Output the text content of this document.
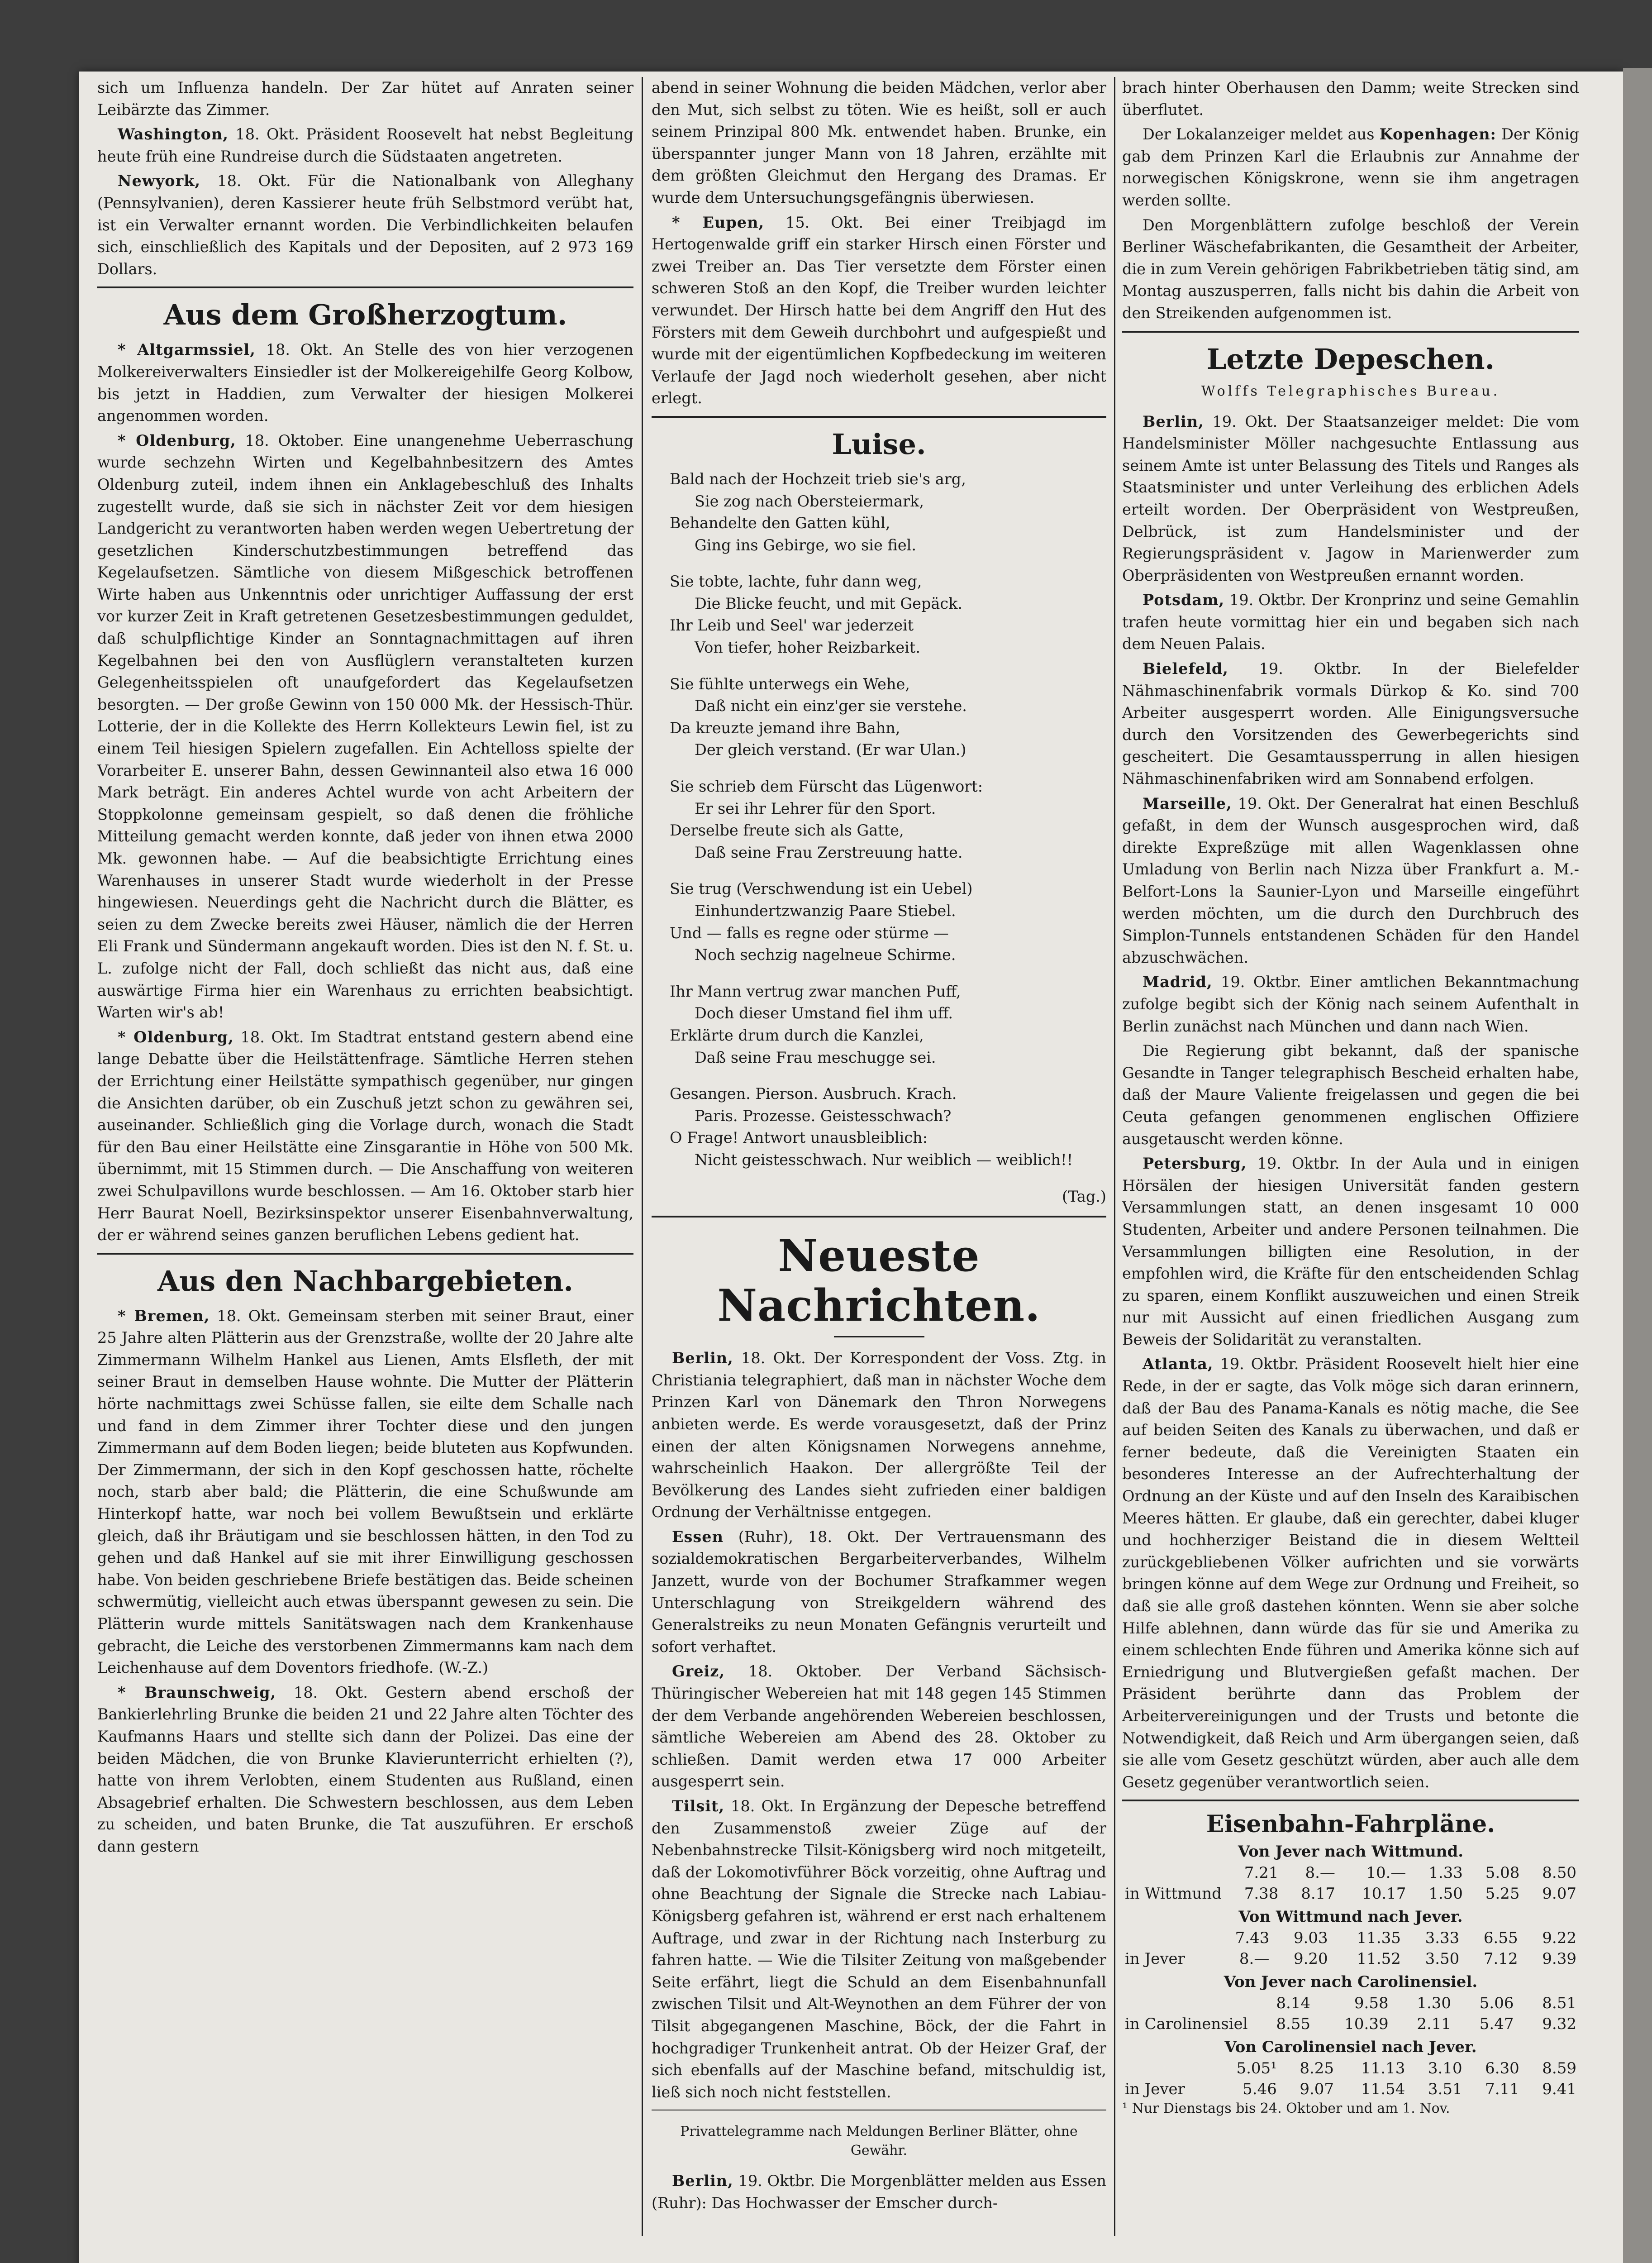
sich um Influenza handeln. Der Zar hütet auf Anraten seiner Leibärzte das Zimmer.

Washington, 18. Okt. Präsident Roosevelt hat nebst Begleitung heute früh eine Rundreise durch die Südstaaten angetreten.

Newyork, 18. Okt. Für die Nationalbank von Alleghany (Pennsylvanien), deren Kassierer heute früh Selbstmord verübt hat, ist ein Verwalter ernannt worden. Die Verbindlichkeiten belaufen sich, einschließlich des Kapitals und der Depositen, auf 2 973 169 Dollars.

Aus dem Großherzogtum.

* Altgarmssiel, 18. Okt. An Stelle des von hier verzogenen Molkereiverwalters Einsiedler ist der Molkereigehilfe Georg Kolbow, bis jetzt in Haddien, zum Verwalter der hiesigen Molkerei angenommen worden.

* Oldenburg, 18. Oktober. Eine unangenehme Ueberraschung wurde sechzehn Wirten und Kegelbahnbesitzern des Amtes Oldenburg zuteil, indem ihnen ein Anklagebeschluß des Inhalts zugestellt wurde, daß sie sich in nächster Zeit vor dem hiesigen Landgericht zu verantworten haben werden wegen Uebertretung der gesetzlichen Kinderschutzbestimmungen betreffend das Kegelaufsetzen. Sämtliche von diesem Mißgeschick betroffenen Wirte haben aus Unkenntnis oder unrichtiger Auffassung der erst vor kurzer Zeit in Kraft getretenen Gesetzesbestimmungen geduldet, daß schulpflichtige Kinder an Sonntagnachmittagen auf ihren Kegelbahnen bei den von Ausflüglern veranstalteten kurzen Gelegenheitsspielen oft unaufgefordert das Kegelaufsetzen besorgten. — Der große Gewinn von 150 000 Mk. der Hessisch-Thür. Lotterie, der in die Kollekte des Herrn Kollekteurs Lewin fiel, ist zu einem Teil hiesigen Spielern zugefallen. Ein Achtelloss spielte der Vorarbeiter E. unserer Bahn, dessen Gewinnanteil also etwa 16 000 Mark beträgt. Ein anderes Achtel wurde von acht Arbeitern der Stoppkolonne gemeinsam gespielt, so daß denen die fröhliche Mitteilung gemacht werden konnte, daß jeder von ihnen etwa 2000 Mk. gewonnen habe. — Auf die beabsichtigte Errichtung eines Warenhauses in unserer Stadt wurde wiederholt in der Presse hingewiesen. Neuerdings geht die Nachricht durch die Blätter, es seien zu dem Zwecke bereits zwei Häuser, nämlich die der Herren Eli Frank und Sündermann angekauft worden. Dies ist den N. f. St. u. L. zufolge nicht der Fall, doch schließt das nicht aus, daß eine auswärtige Firma hier ein Warenhaus zu errichten beabsichtigt. Warten wir's ab!

* Oldenburg, 18. Okt. Im Stadtrat entstand gestern abend eine lange Debatte über die Heilstättenfrage. Sämtliche Herren stehen der Errichtung einer Heilstätte sympathisch gegenüber, nur gingen die Ansichten darüber, ob ein Zuschuß jetzt schon zu gewähren sei, auseinander. Schließlich ging die Vorlage durch, wonach die Stadt für den Bau einer Heilstätte eine Zinsgarantie in Höhe von 500 Mk. übernimmt, mit 15 Stimmen durch. — Die Anschaffung von weiteren zwei Schulpavillons wurde beschlossen. — Am 16. Oktober starb hier Herr Baurat Noell, Bezirksinspektor unserer Eisenbahnverwaltung, der er während seines ganzen beruflichen Lebens gedient hat.

Aus den Nachbargebieten.

* Bremen, 18. Okt. Gemeinsam sterben mit seiner Braut, einer 25 Jahre alten Plätterin aus der Grenzstraße, wollte der 20 Jahre alte Zimmermann Wilhelm Hankel aus Lienen, Amts Elsfleth, der mit seiner Braut in demselben Hause wohnte. Die Mutter der Plätterin hörte nachmittags zwei Schüsse fallen, sie eilte dem Schalle nach und fand in dem Zimmer ihrer Tochter diese und den jungen Zimmermann auf dem Boden liegen; beide bluteten aus Kopfwunden. Der Zimmermann, der sich in den Kopf geschossen hatte, röchelte noch, starb aber bald; die Plätterin, die eine Schußwunde am Hinterkopf hatte, war noch bei vollem Bewußtsein und erklärte gleich, daß ihr Bräutigam und sie beschlossen hätten, in den Tod zu gehen und daß Hankel auf sie mit ihrer Einwilligung geschossen habe. Von beiden geschriebene Briefe bestätigen das. Beide scheinen schwermütig, vielleicht auch etwas überspannt gewesen zu sein. Die Plätterin wurde mittels Sanitätswagen nach dem Krankenhause gebracht, die Leiche des verstorbenen Zimmermanns kam nach dem Leichenhause auf dem Doventors friedhofe. (W.-Z.)

* Braunschweig, 18. Okt. Gestern abend erschoß der Bankierlehrling Brunke die beiden 21 und 22 Jahre alten Töchter des Kaufmanns Haars und stellte sich dann der Polizei. Das eine der beiden Mädchen, die von Brunke Klavierunterricht erhielten (?), hatte von ihrem Verlobten, einem Studenten aus Rußland, einen Absagebrief erhalten. Die Schwestern beschlossen, aus dem Leben zu scheiden, und baten Brunke, die Tat auszuführen. Er erschoß dann gestern

abend in seiner Wohnung die beiden Mädchen, verlor aber den Mut, sich selbst zu töten. Wie es heißt, soll er auch seinem Prinzipal 800 Mk. entwendet haben. Brunke, ein überspannter junger Mann von 18 Jahren, erzählte mit dem größten Gleichmut den Hergang des Dramas. Er wurde dem Untersuchungsgefängnis überwiesen.

* Eupen, 15. Okt. Bei einer Treibjagd im Hertogenwalde griff ein starker Hirsch einen Förster und zwei Treiber an. Das Tier versetzte dem Förster einen schweren Stoß an den Kopf, die Treiber wurden leichter verwundet. Der Hirsch hatte bei dem Angriff den Hut des Försters mit dem Geweih durchbohrt und aufgespießt und wurde mit der eigentümlichen Kopfbedeckung im weiteren Verlaufe der Jagd noch wiederholt gesehen, aber nicht erlegt.

Luise.
Bald nach der Hochzeit trieb sie's arg,
Sie zog nach Obersteiermark,
Behandelte den Gatten kühl,
Ging ins Gebirge, wo sie fiel.
Sie tobte, lachte, fuhr dann weg,
Die Blicke feucht, und mit Gepäck.
Ihr Leib und Seel' war jederzeit
Von tiefer, hoher Reizbarkeit.
Sie fühlte unterwegs ein Wehe,
Daß nicht ein einz'ger sie verstehe.
Da kreuzte jemand ihre Bahn,
Der gleich verstand. (Er war Ulan.)
Sie schrieb dem Fürscht das Lügenwort:
Er sei ihr Lehrer für den Sport.
Derselbe freute sich als Gatte,
Daß seine Frau Zerstreuung hatte.
Sie trug (Verschwendung ist ein Uebel)
Einhundertzwanzig Paare Stiebel.
Und — falls es regne oder stürme —
Noch sechzig nagelneue Schirme.
Ihr Mann vertrug zwar manchen Puff,
Doch dieser Umstand fiel ihm uff.
Erklärte drum durch die Kanzlei,
Daß seine Frau meschugge sei.
Gesangen. Pierson. Ausbruch. Krach.
Paris. Prozesse. Geistesschwach?
O Frage! Antwort unausbleiblich:
Nicht geistesschwach. Nur weiblich — weiblich!!
(Tag.)
Neueste Nachrichten.

Berlin, 18. Okt. Der Korrespondent der Voss. Ztg. in Christiania telegraphiert, daß man in nächster Woche dem Prinzen Karl von Dänemark den Thron Norwegens anbieten werde. Es werde vorausgesetzt, daß der Prinz einen der alten Königsnamen Norwegens annehme, wahrscheinlich Haakon. Der allergrößte Teil der Bevölkerung des Landes sieht zufrieden einer baldigen Ordnung der Verhältnisse entgegen.

Essen (Ruhr), 18. Okt. Der Vertrauensmann des sozialdemokratischen Bergarbeiterverbandes, Wilhelm Janzett, wurde von der Bochumer Strafkammer wegen Unterschlagung von Streikgeldern während des Generalstreiks zu neun Monaten Gefängnis verurteilt und sofort verhaftet.

Greiz, 18. Oktober. Der Verband Sächsisch-Thüringischer Webereien hat mit 148 gegen 145 Stimmen der dem Verbande angehörenden Webereien beschlossen, sämtliche Webereien am Abend des 28. Oktober zu schließen. Damit werden etwa 17 000 Arbeiter ausgesperrt sein.

Tilsit, 18. Okt. In Ergänzung der Depesche betreffend den Zusammenstoß zweier Züge auf der Nebenbahnstrecke Tilsit-Königsberg wird noch mitgeteilt, daß der Lokomotivführer Böck vorzeitig, ohne Auftrag und ohne Beachtung der Signale die Strecke nach Labiau-Königsberg gefahren ist, während er erst nach erhaltenem Auftrage, und zwar in der Richtung nach Insterburg zu fahren hatte. — Wie die Tilsiter Zeitung von maßgebender Seite erfährt, liegt die Schuld an dem Eisenbahnunfall zwischen Tilsit und Alt-Weynothen an dem Führer der von Tilsit abgegangenen Maschine, Böck, der die Fahrt in hochgradiger Trunkenheit antrat. Ob der Heizer Graf, der sich ebenfalls auf der Maschine befand, mitschuldig ist, ließ sich noch nicht feststellen.

Privattelegramme nach Meldungen Berliner Blätter, ohne Gewähr.

Berlin, 19. Oktbr. Die Morgenblätter melden aus Essen (Ruhr): Das Hochwasser der Emscher durch-

brach hinter Oberhausen den Damm; weite Strecken sind überflutet.

Der Lokalanzeiger meldet aus Kopenhagen: Der König gab dem Prinzen Karl die Erlaubnis zur Annahme der norwegischen Königskrone, wenn sie ihm angetragen werden sollte.

Den Morgenblättern zufolge beschloß der Verein Berliner Wäschefabrikanten, die Gesamtheit der Arbeiter, die in zum Verein gehörigen Fabrikbetrieben tätig sind, am Montag auszusperren, falls nicht bis dahin die Arbeit von den Streikenden aufgenommen ist.

Letzte Depeschen.
Wolffs Telegraphisches Bureau.

Berlin, 19. Okt. Der Staatsanzeiger meldet: Die vom Handelsminister Möller nachgesuchte Entlassung aus seinem Amte ist unter Belassung des Titels und Ranges als Staatsminister und unter Verleihung des erblichen Adels erteilt worden. Der Oberpräsident von Westpreußen, Delbrück, ist zum Handelsminister und der Regierungspräsident v. Jagow in Marienwerder zum Oberpräsidenten von Westpreußen ernannt worden.

Potsdam, 19. Oktbr. Der Kronprinz und seine Gemahlin trafen heute vormittag hier ein und begaben sich nach dem Neuen Palais.

Bielefeld, 19. Oktbr. In der Bielefelder Nähmaschinenfabrik vormals Dürkop & Ko. sind 700 Arbeiter ausgesperrt worden. Alle Einigungsversuche durch den Vorsitzenden des Gewerbegerichts sind gescheitert. Die Gesamtaussperrung in allen hiesigen Nähmaschinenfabriken wird am Sonnabend erfolgen.

Marseille, 19. Okt. Der Generalrat hat einen Beschluß gefaßt, in dem der Wunsch ausgesprochen wird, daß direkte Expreßzüge mit allen Wagenklassen ohne Umladung von Berlin nach Nizza über Frankfurt a. M.-Belfort-Lons la Saunier-Lyon und Marseille eingeführt werden möchten, um die durch den Durchbruch des Simplon-Tunnels entstandenen Schäden für den Handel abzuschwächen.

Madrid, 19. Oktbr. Einer amtlichen Bekanntmachung zufolge begibt sich der König nach seinem Aufenthalt in Berlin zunächst nach München und dann nach Wien.

Die Regierung gibt bekannt, daß der spanische Gesandte in Tanger telegraphisch Bescheid erhalten habe, daß der Maure Valiente freigelassen und gegen die bei Ceuta gefangen genommenen englischen Offiziere ausgetauscht werden könne.

Petersburg, 19. Oktbr. In der Aula und in einigen Hörsälen der hiesigen Universität fanden gestern Versammlungen statt, an denen insgesamt 10 000 Studenten, Arbeiter und andere Personen teilnahmen. Die Versammlungen billigten eine Resolution, in der empfohlen wird, die Kräfte für den entscheidenden Schlag zu sparen, einem Konflikt auszuweichen und einen Streik nur mit Aussicht auf einen friedlichen Ausgang zum Beweis der Solidarität zu veranstalten.

Atlanta, 19. Oktbr. Präsident Roosevelt hielt hier eine Rede, in der er sagte, das Volk möge sich daran erinnern, daß der Bau des Panama-Kanals es nötig mache, die See auf beiden Seiten des Kanals zu überwachen, und daß er ferner bedeute, daß die Vereinigten Staaten ein besonderes Interesse an der Aufrechterhaltung der Ordnung an der Küste und auf den Inseln des Karaibischen Meeres hätten. Er glaube, daß ein gerechter, dabei kluger und hochherziger Beistand die in diesem Weltteil zurückgebliebenen Völker aufrichten und sie vorwärts bringen könne auf dem Wege zur Ordnung und Freiheit, so daß sie alle groß dastehen könnten. Wenn sie aber solche Hilfe ablehnen, dann würde das für sie und Amerika zu einem schlechten Ende führen und Amerika könne sich auf Erniedrigung und Blutvergießen gefaßt machen. Der Präsident berührte dann das Problem der Arbeitervereinigungen und der Trusts und betonte die Notwendigkeit, daß Reich und Arm übergangen seien, daß sie alle vom Gesetz geschützt würden, aber auch alle dem Gesetz gegenüber verantwortlich seien.

Eisenbahn-Fahrpläne.
Von Jever nach Wittmund.
	7.21	8.—	10.—	1.33	5.08	8.50
in Wittmund	7.38	8.17	10.17	1.50	5.25	9.07
Von Wittmund nach Jever.
	7.43	9.03	11.35	3.33	6.55	9.22
in Jever	8.—	9.20	11.52	3.50	7.12	9.39
Von Jever nach Carolinensiel.
	8.14	9.58	1.30	5.06	8.51
in Carolinensiel	8.55	10.39	2.11	5.47	9.32
Von Carolinensiel nach Jever.
	5.05¹	8.25	11.13	3.10	6.30	8.59
in Jever	5.46	9.07	11.54	3.51	7.11	9.41
¹ Nur Dienstags bis 24. Oktober und am 1. Nov.
